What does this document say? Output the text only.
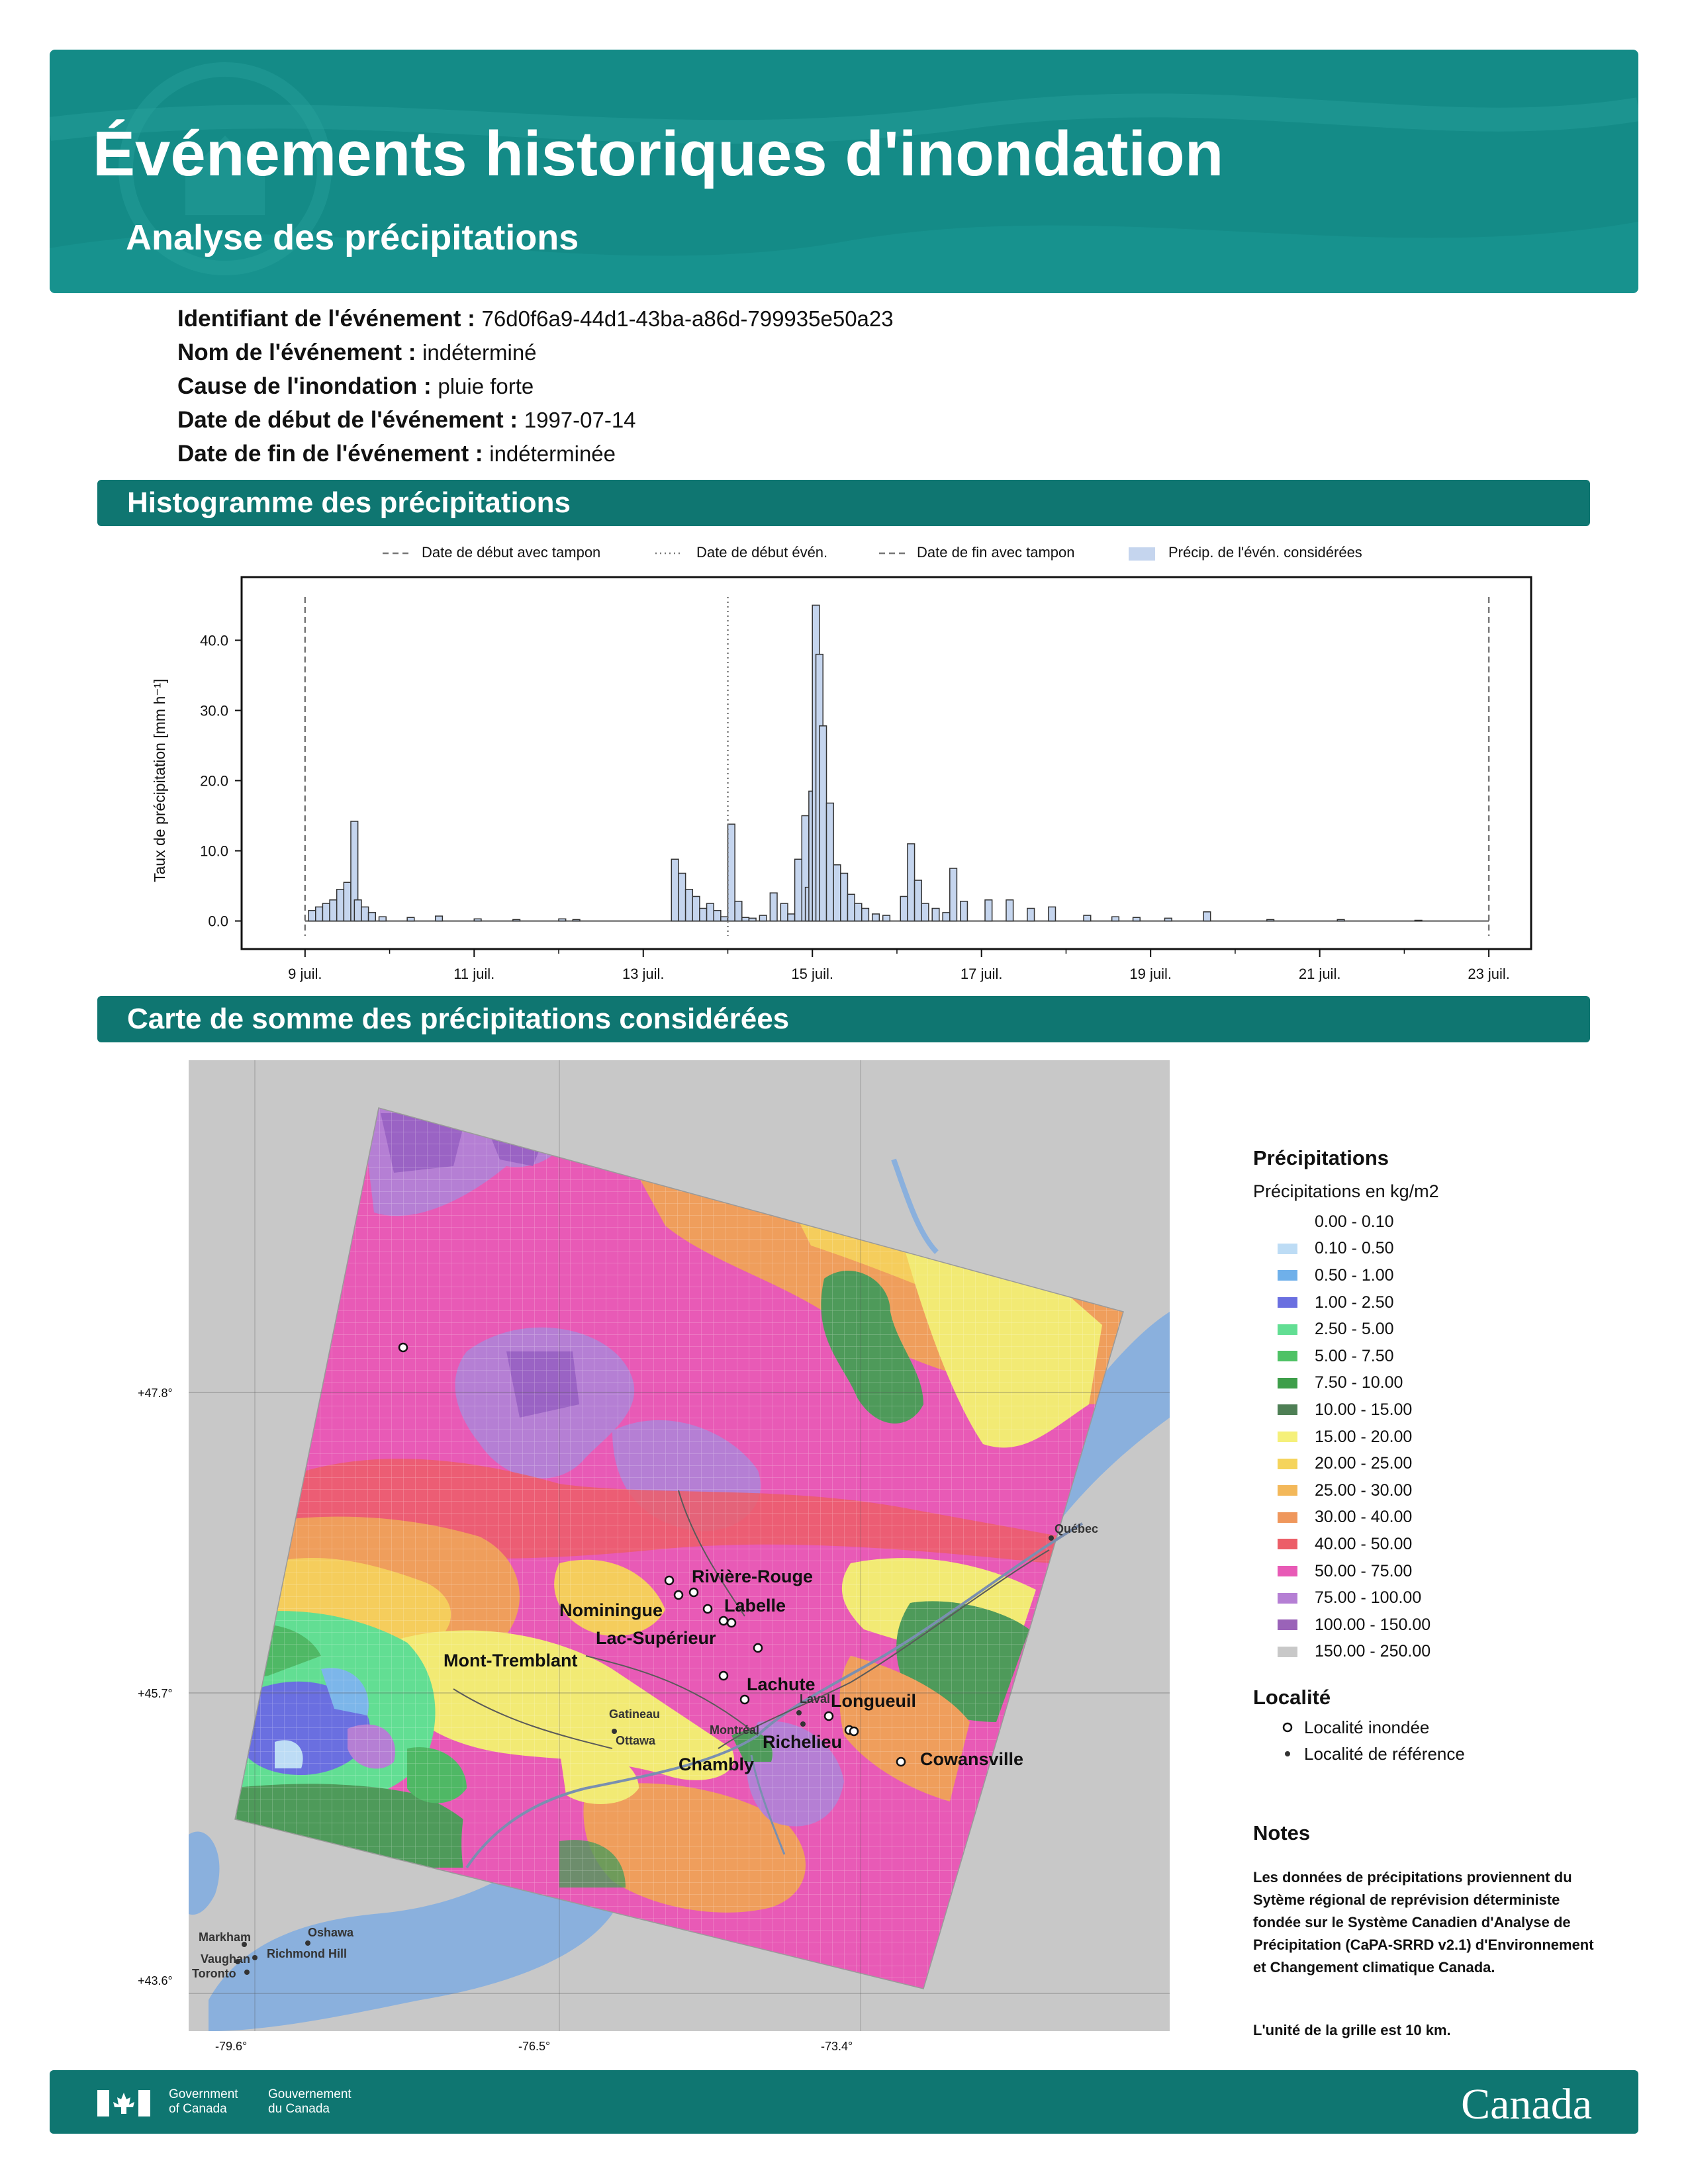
Événements historiques d'inondation
Analyse des précipitations
Identifiant de l'événement : 76d0f6a9-44d1-43ba-a86d-799935e50a23
Nom de l'événement : indéterminé
Cause de l'inondation : pluie forte
Date de début de l'événement : 1997-07-14
Date de fin de l'événement : indéterminée
Histogramme des précipitations
Date de début avec tampon	Date de début évén.	Date de fin avec tampon	Précip. de l'évén. considérées
0.0
10.0
20.0
30.0
40.0
9 juil.	11 juil.	13 juil.	15 juil.	17 juil.	19 juil.	21 juil.	23 juil.
Taux de précipitation [mm h⁻¹]
Carte de somme des précipitations considérées
Rivière-Rouge
Nominingue	Labelle
Lac-Supérieur
Mont-Tremblant
Lachute
Longueuil
Richelieu
Chambly	Cowansville
Québec
Gatineau
Ottawa
Montréal
Laval
Markham	Oshawa
Richmond Hill
Vaughan
Toronto
+47.8°
+45.7°
+43.6°
-79.6°	-76.5°	-73.4°
Précipitations
Précipitations en kg/m2
0.00 - 0.10
0.10 - 0.50
0.50 - 1.00
1.00 - 2.50
2.50 - 5.00
5.00 - 7.50
7.50 - 10.00
10.00 - 15.00
15.00 - 20.00
20.00 - 25.00
25.00 - 30.00
30.00 - 40.00
40.00 - 50.00
50.00 - 75.00
75.00 - 100.00
100.00 - 150.00
150.00 - 250.00
Localité
Localité inondée
Localité de référence
Notes
Les données de précipitations proviennent du Sytème régional de reprévision déterministe fondée sur le Système Canadien d'Analyse de Précipitation (CaPA-SRRD v2.1) d'Environnement et Changement climatique Canada.
L'unité de la grille est 10 km.
Government
of Canada
Gouvernement
du Canada	Canada
